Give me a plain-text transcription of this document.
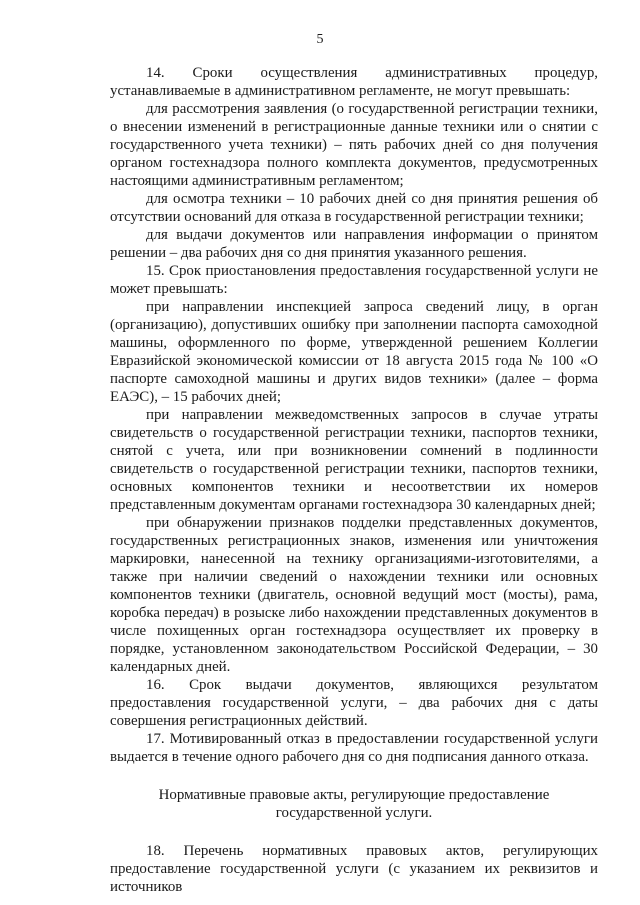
5

14. Сроки осуществления административных процедур, устанавливаемые в административном регламенте, не могут превышать:

для рассмотрения заявления (о государственной регистрации техники, о внесении изменений в регистрационные данные техники или о снятии с государственного учета техники) – пять рабочих дней со дня получения органом гостехнадзора полного комплекта документов, предусмотренных настоящими административным регламентом;

для осмотра техники – 10 рабочих дней со дня принятия решения об отсутствии оснований для отказа в государственной регистрации техники;

для выдачи документов или направления информации о принятом решении – два рабочих дня со дня принятия указанного решения.

15. Срок приостановления предоставления государственной услуги не может превышать:

при направлении инспекцией запроса сведений лицу, в орган (организацию), допустивших ошибку при заполнении паспорта самоходной машины, оформленного по форме, утвержденной решением Коллегии Евразийской экономической комиссии от 18 августа 2015 года № 100 «О паспорте самоходной машины и других видов техники» (далее – форма ЕАЭС), – 15 рабочих дней;

при направлении межведомственных запросов в случае утраты свидетельств о государственной регистрации техники, паспортов техники, снятой с учета, или при возникновении сомнений в подлинности свидетельств о государственной регистрации техники, паспортов техники, основных компонентов техники и несоответствии их номеров представленным документам органами гостехнадзора 30 календарных дней;

при обнаружении признаков подделки представленных документов, государственных регистрационных знаков, изменения или уничтожения маркировки, нанесенной на технику организациями-изготовителями, а также при наличии сведений о нахождении техники или основных компонентов техники (двигатель, основной ведущий мост (мосты), рама, коробка передач) в розыске либо нахождении представленных документов в числе похищенных орган гостехнадзора осуществляет их проверку в порядке, установленном законодательством Российской Федерации, – 30 календарных дней.

16. Срок выдачи документов, являющихся результатом предоставления государственной услуги, – два рабочих дня с даты совершения регистрационных действий.

17. Мотивированный отказ в предоставлении государственной услуги выдается в течение одного рабочего дня со дня подписания данного отказа.

Нормативные правовые акты, регулирующие предоставление государственной услуги.

18. Перечень нормативных правовых актов, регулирующих предоставление государственной услуги (с указанием их реквизитов и источников
